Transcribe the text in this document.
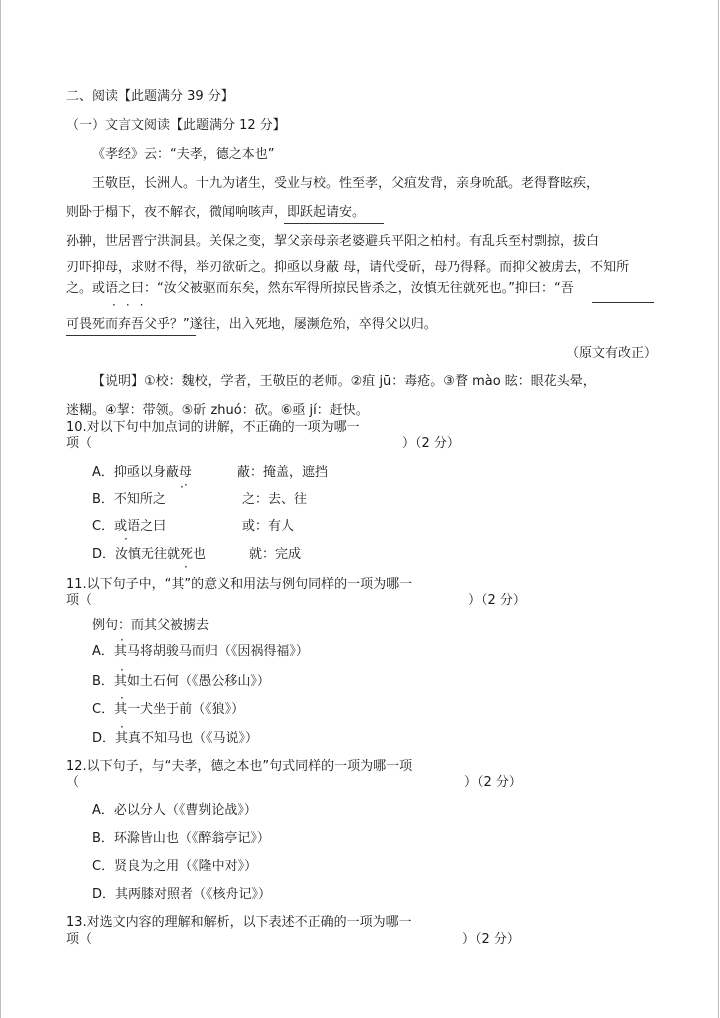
二、阅读【此题满分 39 分】
（一）文言文阅读【此题满分 12 分】
《孝经》云：“夫孝，德之本也”
王敬臣，长洲人。十九为诸生，受业与校。性至孝，父疽发背，亲身吮舐。老得瞀眩疾，
则卧于榻下，夜不解衣，微闻响咳声，即跃起请安。
孙翀，世居晋宁洪洞县。关保之变，挈父亲母亲老婆避兵平阳之柏村。有乱兵至村剽掠，拔白
刃吓抑母，求财不得，举刃欲斫之。抑亟以身蔽 母，请代受斫，母乃得释。而抑父被虏去，不知所
之。或语之曰：“汝父被驱而东矣，然东军得所掠民皆杀之，汝慎无往就死也。”抑曰：“吾
···
可畏死而弃吾父乎？”遂往，出入死地，屡濒危殆，卒得父以归。
（原文有改正）
【说明】①校：魏校，学者，王敬臣的老师。②疽 jū：毒疮。③瞀 mào 眩：眼花头晕，
迷糊。④挈：带领。⑤斫 zhuó：砍。⑥亟 jí：赶快。
10.对以下句中加点词的讲解，不正确的一项为哪一
项（	）（2 分）
A．抑亟以身蔽母	蔽：掩盖，遮挡
·
B．不知所之	之：去、往
·
C．或语之曰	或：有人
·
D．汝慎无往就死也	就：完成
·
11.以下句子中，“其”的意义和用法与例句同样的一项为哪一
项（	）（2 分）
例句：而其父被掳去
A．其马将胡骏马而归（《因祸得福》）
·
B．其如土石何（《愚公移山》）
·
C．其一犬坐于前（《狼》）
·
D．其真不知马也（《马说》）
·
12.以下句子，与“夫孝，德之本也”句式同样的一项为哪一项
（	）（2 分）
A．必以分人（《曹刿论战》）
B．环滁皆山也（《醉翁亭记》）
C．贤良为之用（《隆中对》）
D．其两膝对照者（《核舟记》）
13.对选文内容的理解和解析，以下表述不正确的一项为哪一
项（	）（2 分）
